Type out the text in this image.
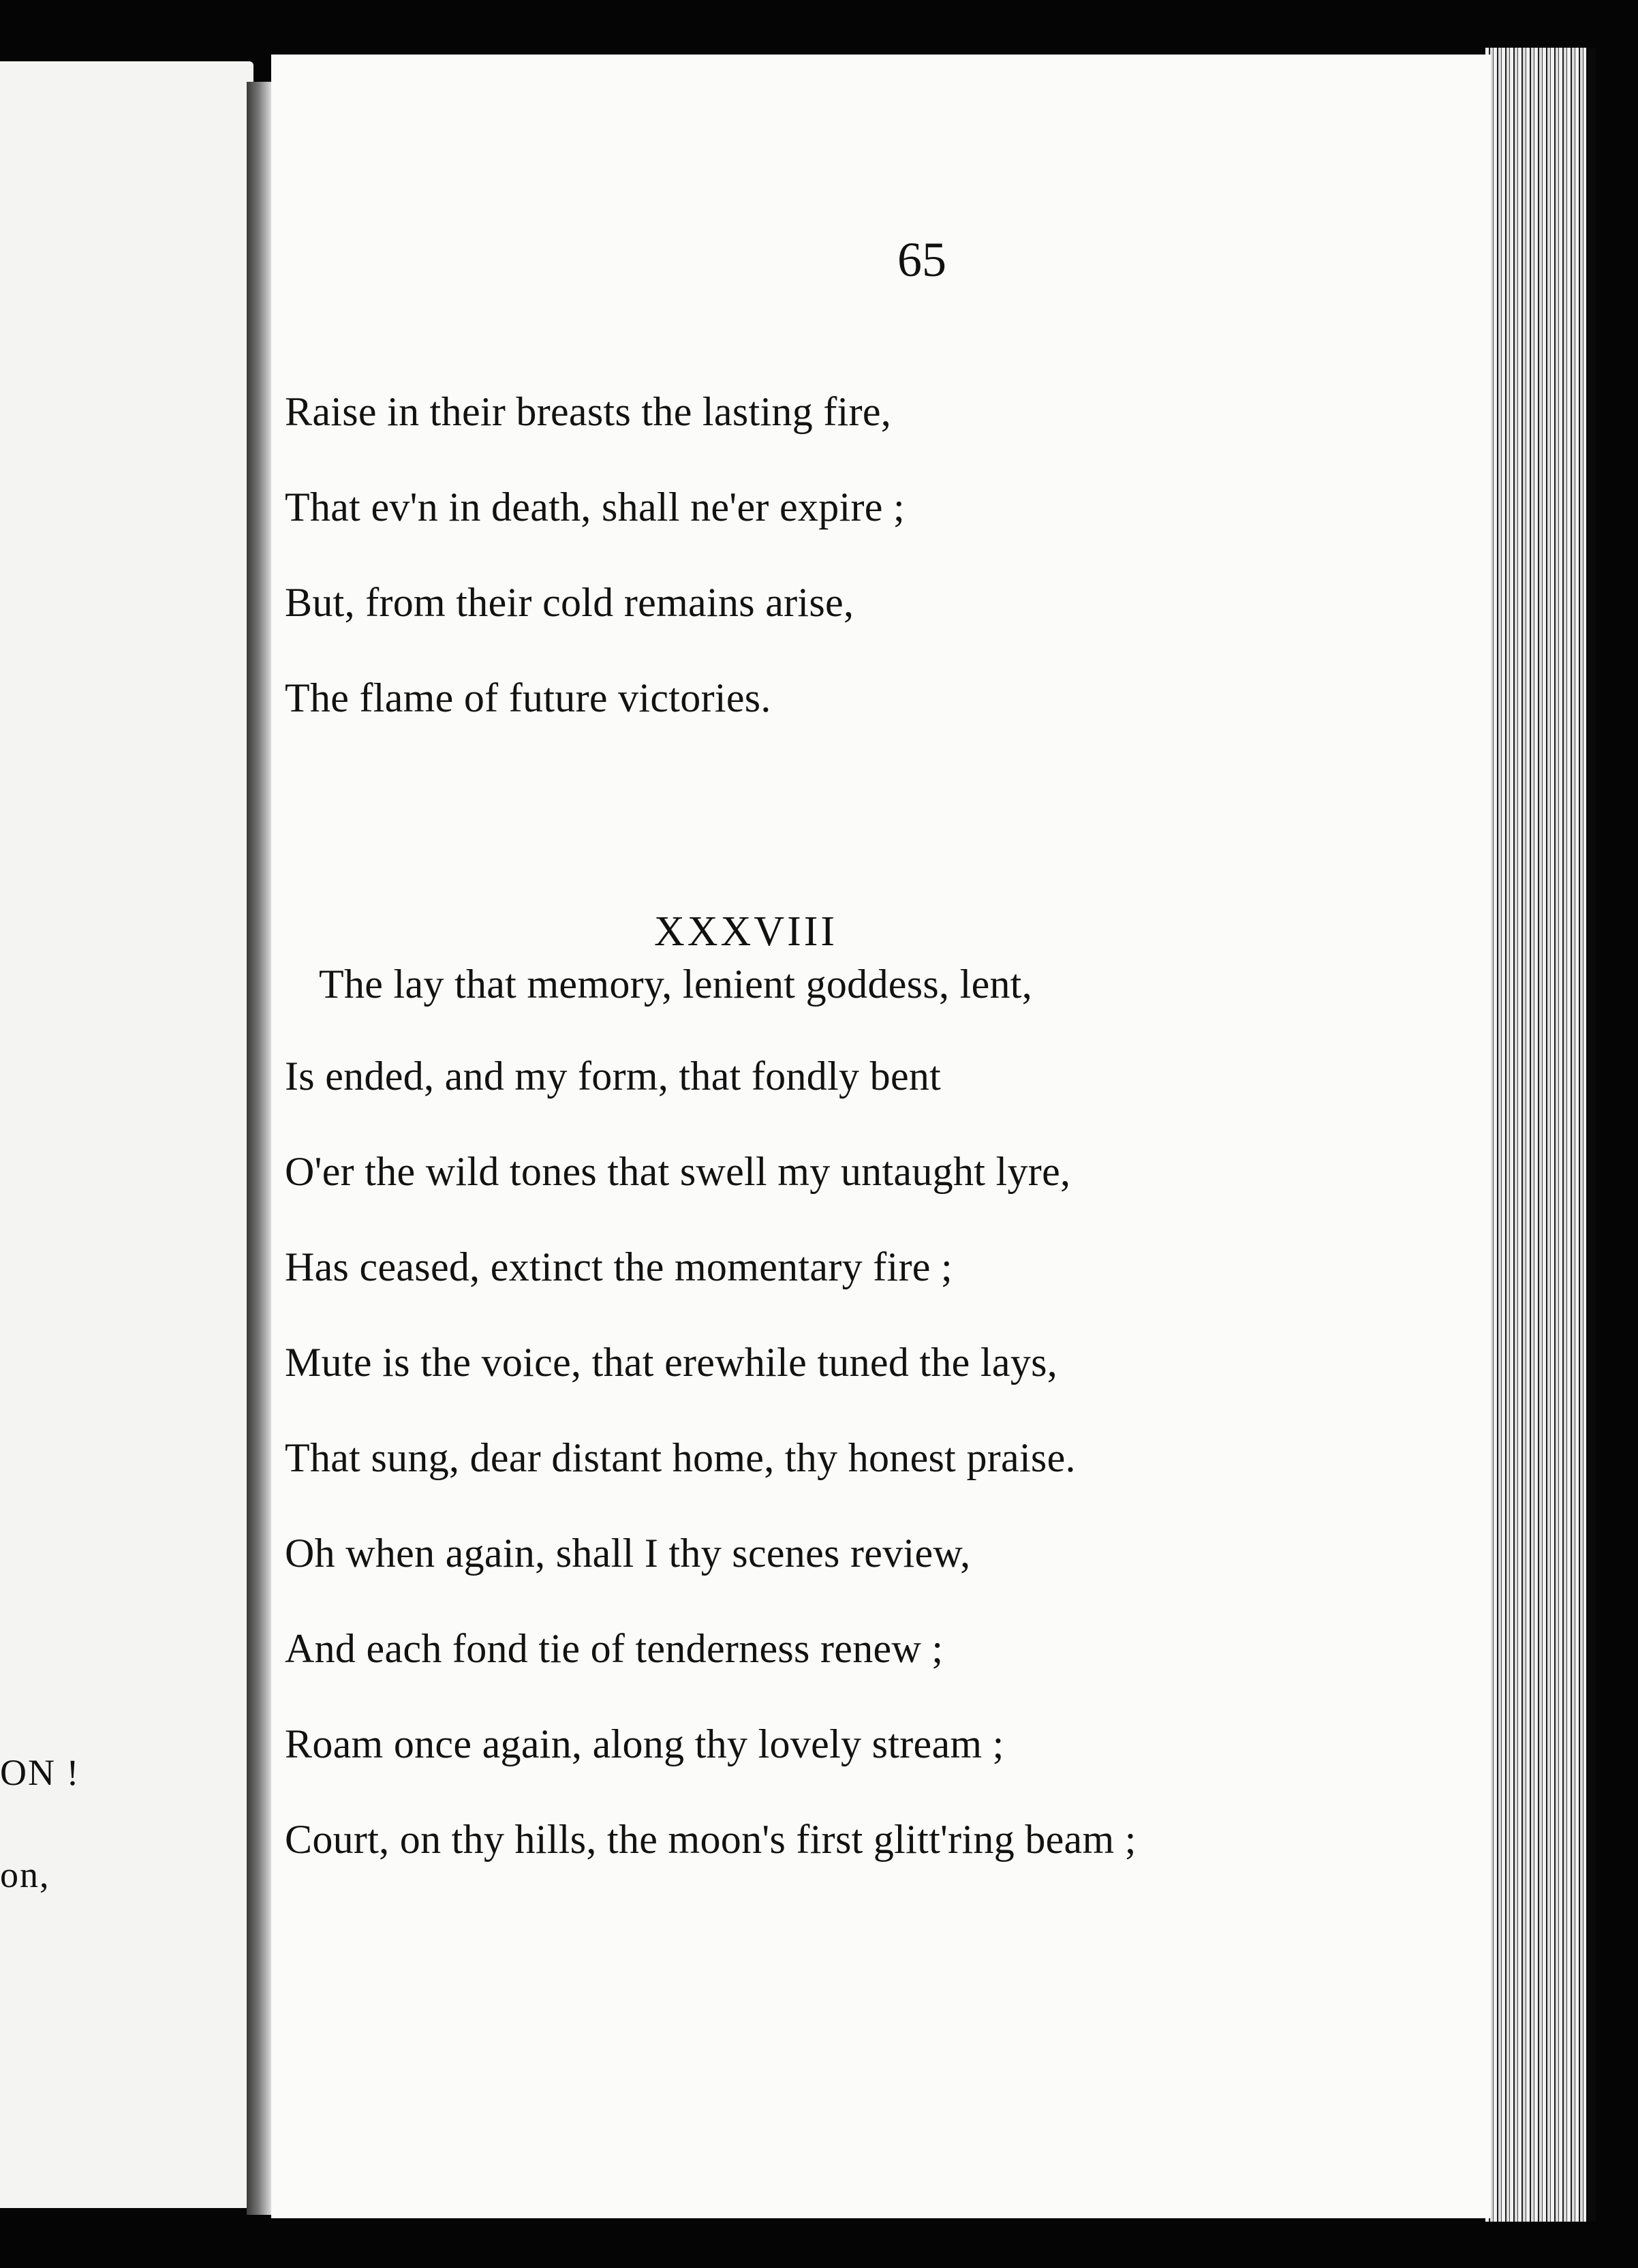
ON !
on,
65
Raise in their breasts the lasting fire,
That ev'n in death, shall ne'er expire ;
But, from their cold remains arise,
The flame of future victories.
XXXVIII
The lay that memory, lenient goddess, lent,
Is ended, and my form, that fondly bent
O'er the wild tones that swell my untaught lyre,
Has ceased, extinct the momentary fire ;
Mute is the voice, that erewhile tuned the lays,
That sung, dear distant home, thy honest praise.
Oh when again, shall I thy scenes review,
And each fond tie of tenderness renew ;
Roam once again, along thy lovely stream ;
Court, on thy hills, the moon's first glitt'ring beam ;
